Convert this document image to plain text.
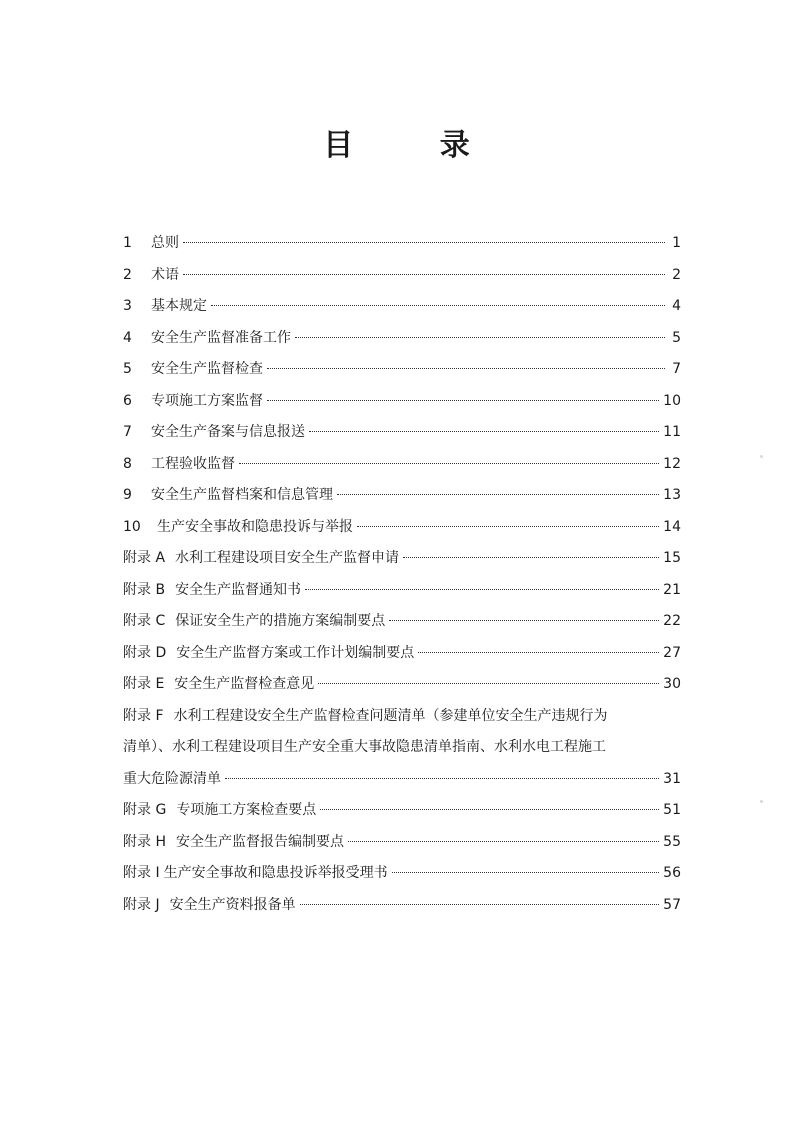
目 录
1	总则	1
2	术语	2
3	基本规定	4
4	安全生产监督准备工作	5
5	安全生产监督检查	7
6	专项施工方案监督	10
7	安全生产备案与信息报送	11
8	工程验收监督	12
9	安全生产监督档案和信息管理	13
10	生产安全事故和隐患投诉与举报	14
附录 A 水利工程建设项目安全生产监督申请	15
附录 B 安全生产监督通知书	21
附录 C 保证安全生产的措施方案编制要点	22
附录 D 安全生产监督方案或工作计划编制要点	27
附录 E 安全生产监督检查意见	30
附录 F 水利工程建设安全生产监督检查问题清单（参建单位安全生产违规行为
清单）、水利工程建设项目生产安全重大事故隐患清单指南、水利水电工程施工
重大危险源清单	31
附录 G 专项施工方案检查要点	51
附录 H 安全生产监督报告编制要点	55
附录 I 生产安全事故和隐患投诉举报受理书	56
附录 J 安全生产资料报备单	57
